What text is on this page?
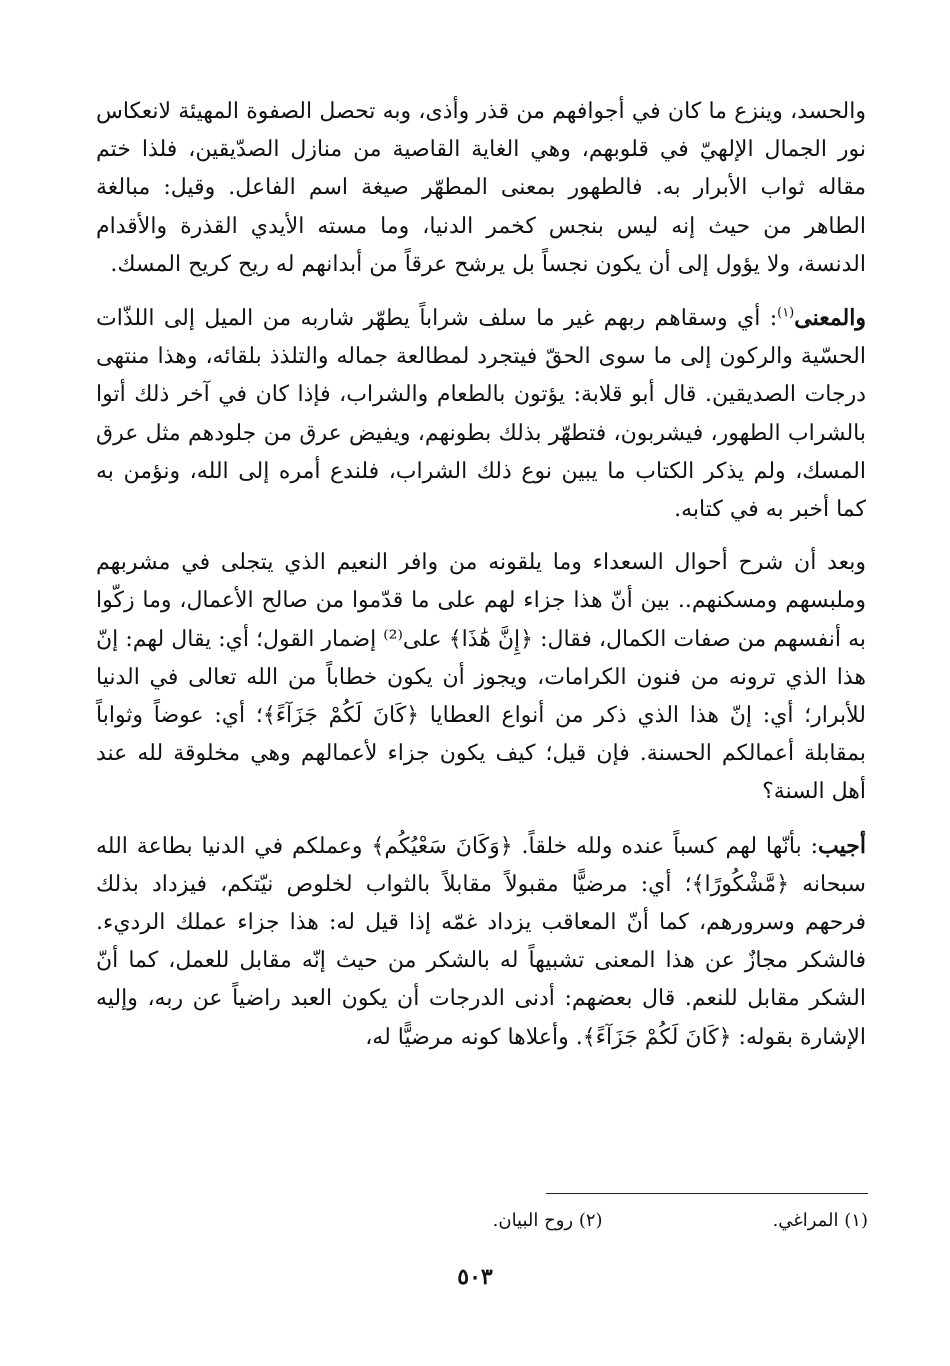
والحسد، وينزع ما كان في أجوافهم من قذر وأذى، وبه تحصل الصفوة المهيئة لانعكاس نور الجمال الإلهيّ في قلوبهم، وهي الغاية القاصية من منازل الصدّيقين، فلذا ختم مقاله ثواب الأبرار به. فالطهور بمعنى المطهّر صيغة اسم الفاعل. وقيل: مبالغة الطاهر من حيث إنه ليس بنجس كخمر الدنيا، وما مسته الأيدي القذرة والأقدام الدنسة، ولا يؤول إلى أن يكون نجساً بل يرشح عرقاً من أبدانهم له ريح كريح المسك.

والمعنى$^{(١)}$: أي وسقاهم ربهم غير ما سلف شراباً يطهّر شاربه من الميل إلى اللذّات الحسّية والركون إلى ما سوى الحقّ فيتجرد لمطالعة جماله والتلذذ بلقائه، وهذا منتهى درجات الصديقين. قال أبو قلابة: يؤتون بالطعام والشراب، فإذا كان في آخر ذلك أتوا بالشراب الطهور، فيشربون، فتطهّر بذلك بطونهم، ويفيض عرق من جلودهم مثل عرق المسك، ولم يذكر الكتاب ما يبين نوع ذلك الشراب، فلندع أمره إلى الله، ونؤمن به كما أخبر به في كتابه.

وبعد أن شرح أحوال السعداء وما يلقونه من وافر النعيم الذي يتجلى في مشربهم وملبسهم ومسكنهم.. بين أنّ هذا جزاء لهم على ما قدّموا من صالح الأعمال، وما زكّوا به أنفسهم من صفات الكمال، فقال: ﴿إِنَّ هَٰذَا﴾ على⁽²⁾ إضمار القول؛ أي: يقال لهم: إنّ هذا الذي ترونه من فنون الكرامات، ويجوز أن يكون خطاباً من الله تعالى في الدنيا للأبرار؛ أي: إنّ هذا الذي ذكر من أنواع العطايا ﴿كَانَ لَكُمْ جَزَآءً﴾؛ أي: عوضاً وثواباً بمقابلة أعمالكم الحسنة. فإن قيل؛ كيف يكون جزاء لأعمالهم وهي مخلوقة لله عند أهل السنة؟

أجيب: بأنّها لهم كسباً عنده ولله خلقاً. ﴿وَكَانَ سَعْيُكُم﴾ وعملكم في الدنيا بطاعة الله سبحانه ﴿مَّشْكُورًا﴾؛ أي: مرضيًّا مقبولاً مقابلاً بالثواب لخلوص نيّتكم، فيزداد بذلك فرحهم وسرورهم، كما أنّ المعاقب يزداد غمّه إذا قيل له: هذا جزاء عملك الرديء. فالشكر مجازٌ عن هذا المعنى تشبيهاً له بالشكر من حيث إنّه مقابل للعمل، كما أنّ الشكر مقابل للنعم. قال بعضهم: أدنى الدرجات أن يكون العبد راضياً عن ربه، وإليه الإشارة بقوله: ﴿كَانَ لَكُمْ جَزَآءً﴾. وأعلاها كونه مرضيًّا له،

(١) المراغي.
(٢) روح البيان.
٥٠٣
